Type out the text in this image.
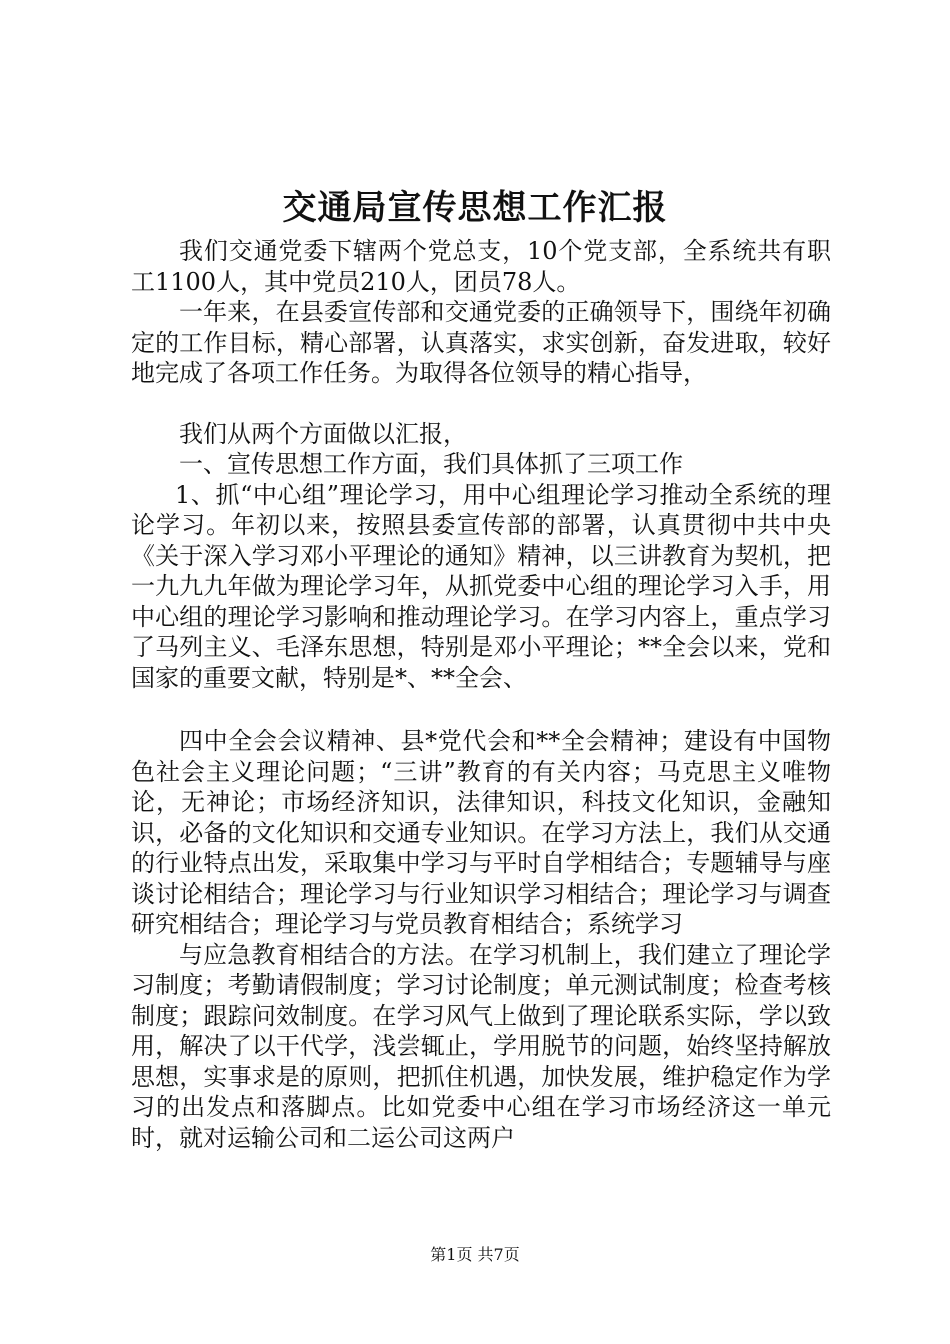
交通局宣传思想工作汇报

我们交通党委下辖两个党总支，10个党支部，全系统共有职工1100人，其中党员210人，团员78人。

一年来，在县委宣传部和交通党委的正确领导下，围绕年初确定的工作目标，精心部署，认真落实，求实创新，奋发进取，较好地完成了各项工作任务。为取得各位领导的精心指导，

我们从两个方面做以汇报，

一、宣传思想工作方面，我们具体抓了三项工作

1、抓“中心组”理论学习，用中心组理论学习推动全系统的理论学习。年初以来，按照县委宣传部的部署，认真贯彻中共中央《关于深入学习邓小平理论的通知》精神，以三讲教育为契机，把一九九九年做为理论学习年，从抓党委中心组的理论学习入手，用中心组的理论学习影响和推动理论学习。在学习内容上，重点学习了马列主义、毛泽东思想，特别是邓小平理论；**全会以来，党和国家的重要文献，特别是*、**全会、

四中全会会议精神、县*党代会和**全会精神；建设有中国物色社会主义理论问题；“三讲”教育的有关内容；马克思主义唯物论，无神论；市场经济知识，法律知识，科技文化知识，金融知识，必备的文化知识和交通专业知识。在学习方法上，我们从交通的行业特点出发，采取集中学习与平时自学相结合；专题辅导与座谈讨论相结合；理论学习与行业知识学习相结合；理论学习与调查研究相结合；理论学习与党员教育相结合；系统学习

与应急教育相结合的方法。在学习机制上，我们建立了理论学习制度；考勤请假制度；学习讨论制度；单元测试制度；检查考核制度；跟踪问效制度。在学习风气上做到了理论联系实际，学以致用，解决了以干代学，浅尝辄止，学用脱节的问题，始终坚持解放思想，实事求是的原则，把抓住机遇，加快发展，维护稳定作为学习的出发点和落脚点。比如党委中心组在学习市场经济这一单元时，就对运输公司和二运公司这两户

第1页 共7页
